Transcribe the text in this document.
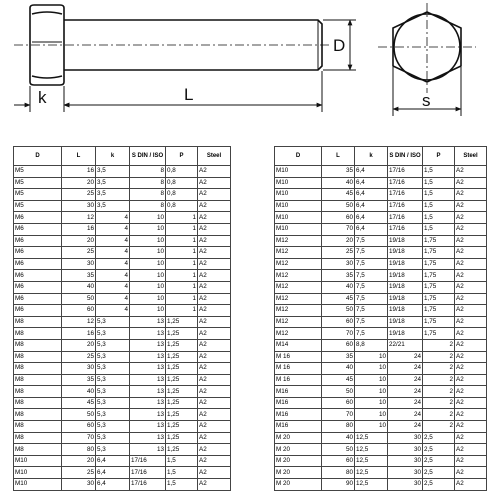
k	L
D
s
D	L	k	S DIN / ISO	P	Steel
M5	16	3,5	8	0,8	A2
M5	20	3,5	8	0,8	A2
M5	25	3,5	8	0,8	A2
M5	30	3,5	8	0,8	A2
M6	12	4	10	1	A2
M6	16	4	10	1	A2
M6	20	4	10	1	A2
M6	25	4	10	1	A2
M6	30	4	10	1	A2
M6	35	4	10	1	A2
M6	40	4	10	1	A2
M6	50	4	10	1	A2
M6	60	4	10	1	A2
M8	12	5,3	13	1,25	A2
M8	16	5,3	13	1,25	A2
M8	20	5,3	13	1,25	A2
M8	25	5,3	13	1,25	A2
M8	30	5,3	13	1,25	A2
M8	35	5,3	13	1,25	A2
M8	40	5,3	13	1,25	A2
M8	45	5,3	13	1,25	A2
M8	50	5,3	13	1,25	A2
M8	60	5,3	13	1,25	A2
M8	70	5,3	13	1,25	A2
M8	80	5,3	13	1,25	A2
M10	20	6,4	17/16	1,5	A2
M10	25	6,4	17/16	1,5	A2
M10	30	6,4	17/16	1,5	A2
D	L	k	S DIN / ISO	P	Steel
M10	35	6,4	17/16	1,5	A2
M10	40	6,4	17/16	1,5	A2
M10	45	6,4	17/16	1,5	A2
M10	50	6,4	17/16	1,5	A2
M10	60	6,4	17/16	1,5	A2
M10	70	6,4	17/16	1,5	A2
M12	20	7,5	19/18	1,75	A2
M12	25	7,5	19/18	1,75	A2
M12	30	7,5	19/18	1,75	A2
M12	35	7,5	19/18	1,75	A2
M12	40	7,5	19/18	1,75	A2
M12	45	7,5	19/18	1,75	A2
M12	50	7,5	19/18	1,75	A2
M12	60	7,5	19/18	1,75	A2
M12	70	7,5	19/18	1,75	A2
M14	60	8,8	22/21	2	A2
M 16	35	10	24	2	A2
M 16	40	10	24	2	A2
M 16	45	10	24	2	A2
M16	50	10	24	2	A2
M16	60	10	24	2	A2
M16	70	10	24	2	A2
M16	80	10	24	2	A2
M 20	40	12,5	30	2,5	A2
M 20	50	12,5	30	2,5	A2
M 20	60	12,5	30	2,5	A2
M 20	80	12,5	30	2,5	A2
M 20	90	12,5	30	2,5	A2
